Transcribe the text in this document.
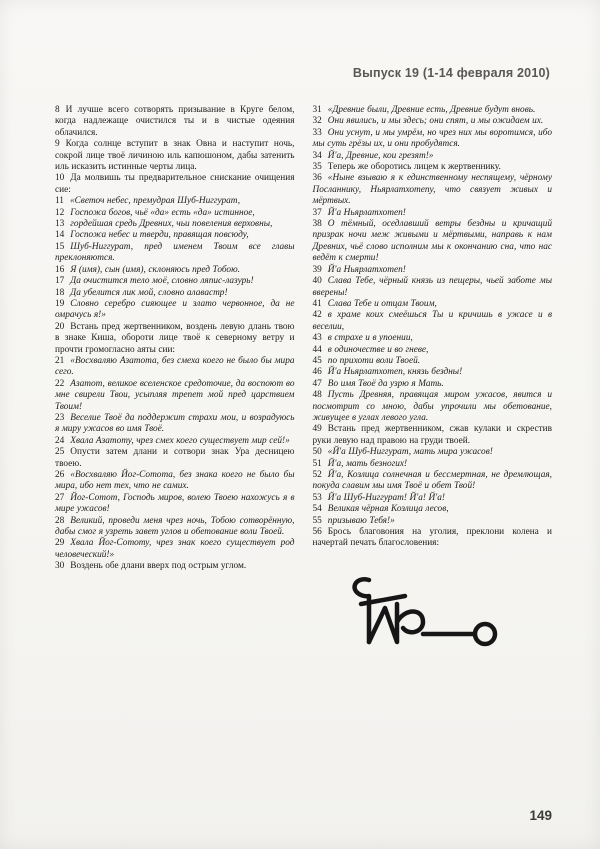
Выпуск 19 (1-14 февраля 2010)

8 И лучше всего сотворять призывание в Круге белом, когда надлежаще очистился ты и в чистые одеяния облачился.

9 Когда солнце вступит в знак Овна и наступит ночь, сокрой лице твоё личиною иль капюшоном, дабы затенить иль исказить истинные черты лица.

10 Да молвишь ты предварительное снискание очищения сие:

11 «Светоч небес, премудрая Шуб-Ниггурат,

12 Госпожа богов, чьё «да» есть «да» истинное,

13 гордейшая средь Древних, чьи повеления верховны,

14 Госпожа небес и тверди, правящая повсюду,

15 Шуб-Ниггурат, пред именем Твоим все главы преклоняются.

16 Я (имя), сын (имя), склоняюсь пред Тобою.

17 Да очистится тело моё, словно ляпис-лазурь!

18 Да убелится лик мой, словно алавастр!

19 Словно серебро сияющее и злато червонное, да не омрачусь я!»

20 Встань пред жертвенником, воздень левую длань твою в знаке Киша, обороти лице твоё к северному ветру и прочти громогласно аяты сии:

21 «Восхваляю Азатота, без смеха коего не было бы мира сего.

22 Азатот, великое вселенское средоточие, да воспоют во мне свирели Твои, усыпляя трепет мой пред царствием Твоим!

23 Веселие Твоё да поддержит страхи мои, и возрадуюсь я миру ужасов во имя Твоё.

24 Хвала Азатоту, чрез смех коего существует мир сей!»

25 Опусти затем длани и сотвори знак Ура десницею твоею.

26 «Восхваляю Йог-Сотота, без знака коего не было бы мира, ибо нет тех, что не самих.

27 Йог-Сотот, Господь миров, волею Твоею нахожусь я в мире ужасов!

28 Великий, проведи меня чрез ночь, Тобою сотворённую, дабы смог я узреть завет углов и обетование воли Твоей.

29 Хвала Йог-Сототу, чрез знак коего существует род человеческий!»

30 Воздень обе длани вверх под острым углом.

31 «Древние были, Древние есть, Древние будут вновь.

32 Они явились, и мы здесь; они спят, и мы ожидаем их.

33 Они уснут, и мы умрём, но чрез них мы воротимся, ибо мы суть грёзы их, и они пробудятся.

34 Й'а, Древние, кои грезят!»

35 Теперь же оборотись лицем к жертвеннику.

36 «Ныне взываю я к единственному неспящему, чёрному Посланнику, Ньярлатхотепу, что связует живых и мёртвых.

37 Й'а Ньярлатхотеп!

38 О тёмный, оседлавший ветры бездны и кричащий призрак ночи меж живыми и мёртвыми, направь к нам Древних, чьё слово исполним мы к окончанию сна, что нас ведёт к смерти!

39 Й'а Ньярлатхотеп!

40 Слава Тебе, чёрный князь из пещеры, чьей заботе мы вверены!

41 Слава Тебе и отцам Твоим,

42 в храме коих смеёшься Ты и кричишь в ужасе и в веселии,

43 в страхе и в упоении,

44 в одиночестве и во гневе,

45 по прихоти воли Твоей.

46 Й'а Ньярлатхотеп, князь бездны!

47 Во имя Твоё да узрю я Мать.

48 Пусть Древняя, правящая миром ужасов, явится и посмотрит со мною, дабы упрочили мы обетование, живущее в углах левого угла.

49 Встань пред жертвенником, сжав кулаки и скрестив руки левую над правою на груди твоей.

50 «Й'а Шуб-Ниггурат, мать мира ужасов!

51 Й'а, мать безногих!

52 Й'а, Козлица солнечная и бессмертная, не дремлющая, покуда славим мы имя Твоё и обет Твой!

53 Й'а Шуб-Ниггурат! Й'а! Й'а!

54 Великая чёрная Козлица лесов,

55 призываю Тебя!»

56 Брось благовония на уголия, преклони колена и начертай печать благословения:

149
